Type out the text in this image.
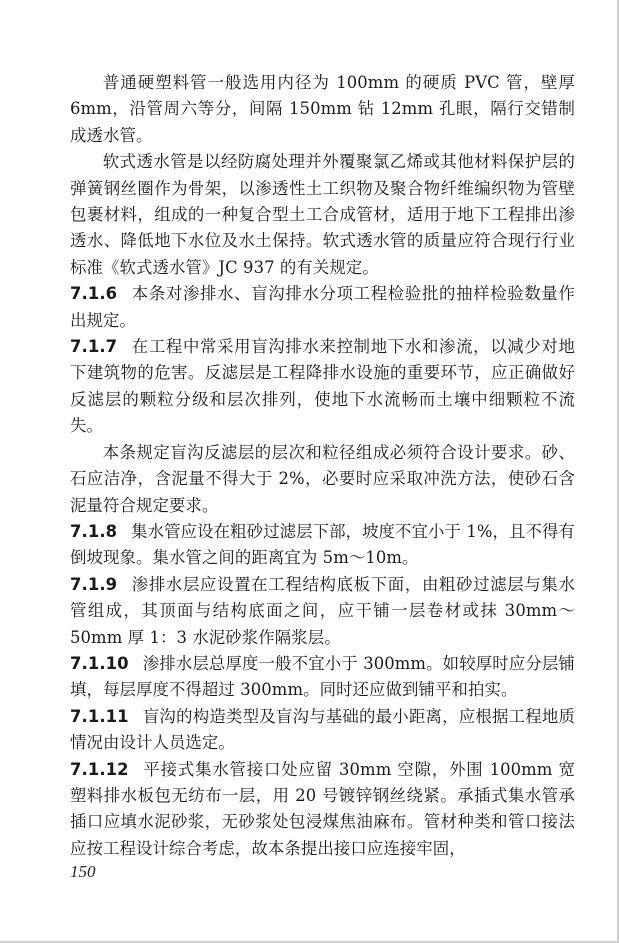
普通硬塑料管一般选用内径为 100mm 的硬质 PVC 管，壁厚 6mm，沿管周六等分，间隔 150mm 钻 12mm 孔眼，隔行交错制成透水管。

软式透水管是以经防腐处理并外覆聚氯乙烯或其他材料保护层的弹簧钢丝圈作为骨架，以渗透性土工织物及聚合物纤维编织物为管壁包裹材料，组成的一种复合型土工合成管材，适用于地下工程排出渗透水、降低地下水位及水土保持。软式透水管的质量应符合现行行业标准《软式透水管》JC 937 的有关规定。

7.1.6 本条对渗排水、盲沟排水分项工程检验批的抽样检验数量作出规定。

7.1.7 在工程中常采用盲沟排水来控制地下水和渗流，以减少对地下建筑物的危害。反滤层是工程降排水设施的重要环节，应正确做好反滤层的颗粒分级和层次排列，使地下水流畅而土壤中细颗粒不流失。

本条规定盲沟反滤层的层次和粒径组成必须符合设计要求。砂、石应洁净，含泥量不得大于 2%，必要时应采取冲洗方法，使砂石含泥量符合规定要求。

7.1.8 集水管应设在粗砂过滤层下部，坡度不宜小于 1%，且不得有倒坡现象。集水管之间的距离宜为 5m～10m。

7.1.9 渗排水层应设置在工程结构底板下面，由粗砂过滤层与集水管组成，其顶面与结构底面之间，应干铺一层卷材或抹 30mm～50mm 厚 1：3 水泥砂浆作隔浆层。

7.1.10 渗排水层总厚度一般不宜小于 300mm。如较厚时应分层铺填，每层厚度不得超过 300mm。同时还应做到铺平和拍实。

7.1.11 盲沟的构造类型及盲沟与基础的最小距离，应根据工程地质情况由设计人员选定。

7.1.12 平接式集水管接口处应留 30mm 空隙，外围 100mm 宽塑料排水板包无纺布一层，用 20 号镀锌钢丝绕紧。承插式集水管承插口应填水泥砂浆，无砂浆处包浸煤焦油麻布。管材种类和管口接法应按工程设计综合考虑，故本条提出接口应连接牢固，

150
